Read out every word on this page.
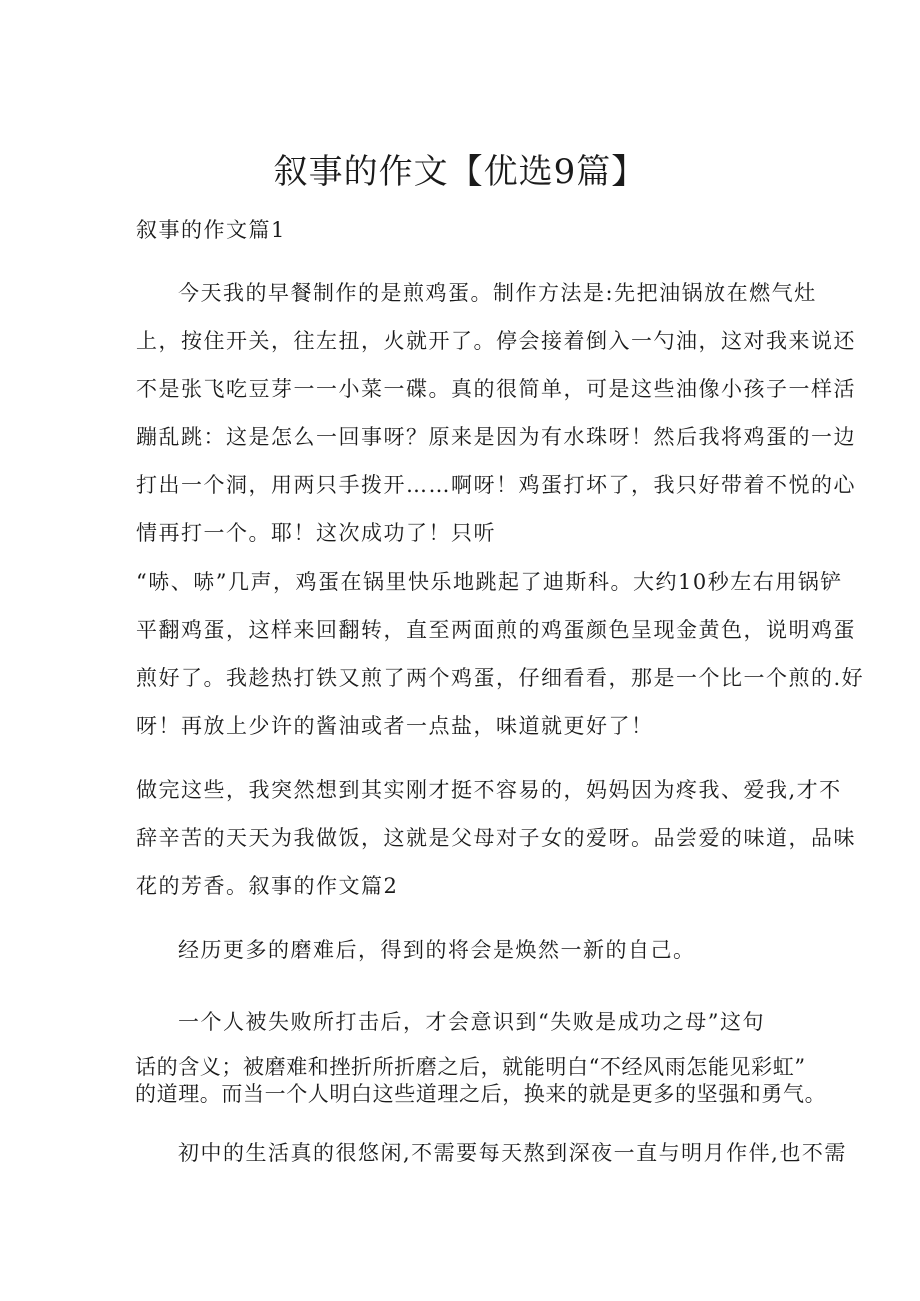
叙事的作文【优选9篇】
叙事的作文篇1
今天我的早餐制作的是煎鸡蛋。制作方法是:先把油锅放在燃气灶
上，按住开关，往左扭，火就开了。停会接着倒入一勺油，这对我来说还
不是张飞吃豆芽一一小菜一碟。真的很简单，可是这些油像小孩子一样活
蹦乱跳：这是怎么一回事呀？原来是因为有水珠呀！然后我将鸡蛋的一边
打出一个洞，用两只手拨开……啊呀！鸡蛋打坏了，我只好带着不悦的心
情再打一个。耶！这次成功了！只听
“哧、哧”几声，鸡蛋在锅里快乐地跳起了迪斯科。大约10秒左右用锅铲
平翻鸡蛋，这样来回翻转，直至两面煎的鸡蛋颜色呈现金黄色，说明鸡蛋
煎好了。我趁热打铁又煎了两个鸡蛋，仔细看看，那是一个比一个煎的.好
呀！再放上少许的酱油或者一点盐，味道就更好了！
做完这些，我突然想到其实刚才挺不容易的，妈妈因为疼我、爱我,才不
辞辛苦的天天为我做饭，这就是父母对子女的爱呀。品尝爱的味道，品味
花的芳香。叙事的作文篇2
经历更多的磨难后，得到的将会是焕然一新的自己。
一个人被失败所打击后，才会意识到“失败是成功之母”这句
话的含义；被磨难和挫折所折磨之后，就能明白“不经风雨怎能见彩虹”
的道理。而当一个人明白这些道理之后，换来的就是更多的坚强和勇气。
初中的生活真的很悠闲,不需要每天熬到深夜一直与明月作伴,也不需
